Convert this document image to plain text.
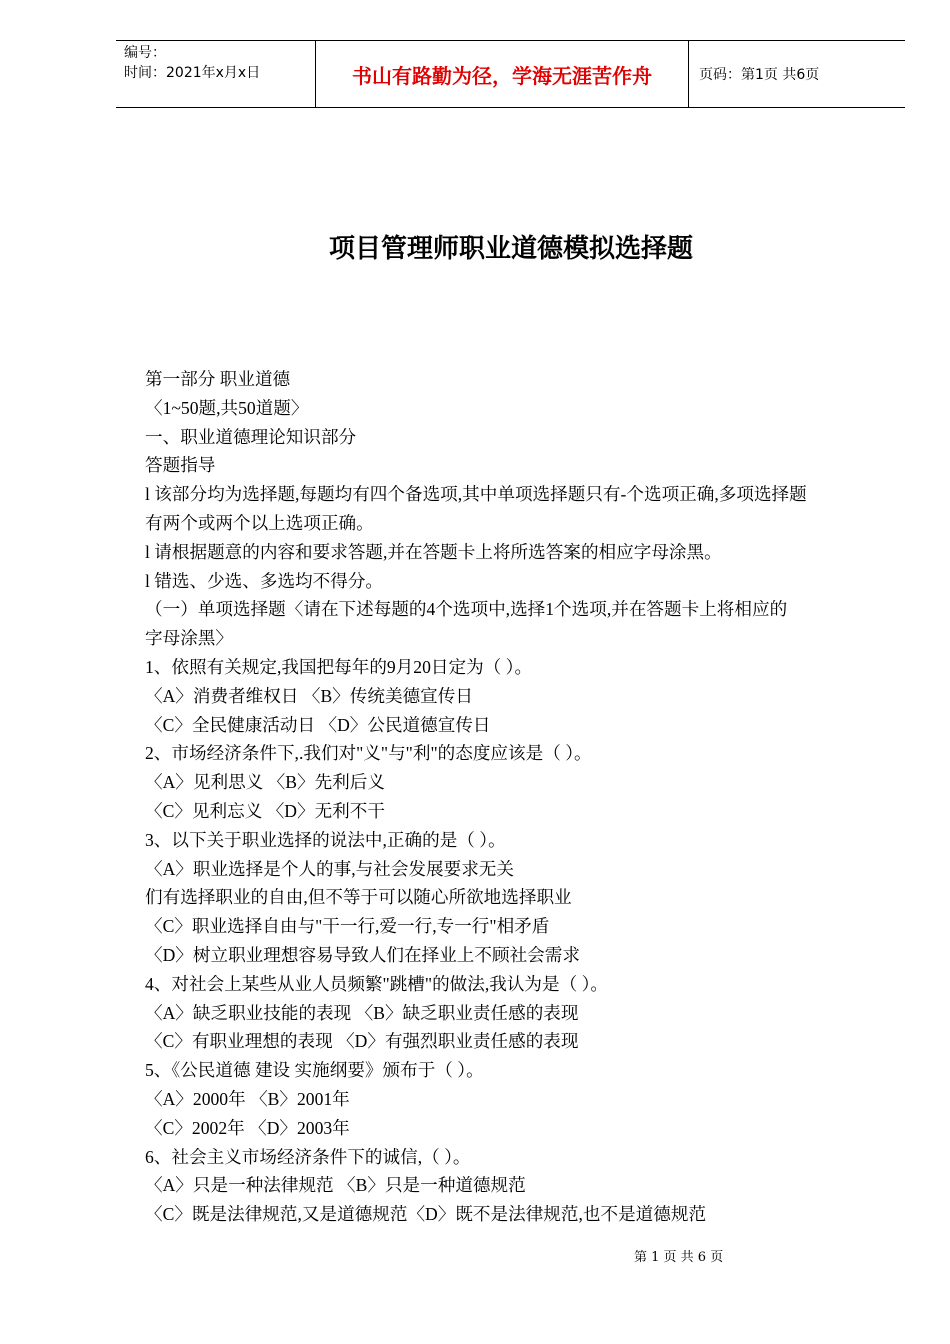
编号：
时间：2021年x月x日	书山有路勤为径，学海无涯苦作舟	页码：第1页 共6页
项目管理师职业道德模拟选择题

第一部分 职业道德

〈1~50题,共50道题〉

一、职业道德理论知识部分

答题指导

l 该部分均为选择题,每题均有四个备选项,其中单项选择题只有-个选项正确,多项选择题

有两个或两个以上选项正确。

l 请根据题意的内容和要求答题,并在答题卡上将所选答案的相应字母涂黑。

l 错选、少选、多选均不得分。

（一）单项选择题〈请在下述每题的4个选项中,选择1个选项,并在答题卡上将相应的

字母涂黑〉

1、依照有关规定,我国把每年的9月20日定为（ ）。

〈A〉消费者维权日 〈B〉传统美德宣传日

〈C〉全民健康活动日 〈D〉公民道德宣传日

2、市场经济条件下,.我们对"义"与"利"的态度应该是（ ）。

〈A〉见利思义 〈B〉先利后义

〈C〉见利忘义 〈D〉无利不干

3、以下关于职业选择的说法中,正确的是（ ）。

〈A〉职业选择是个人的事,与社会发展要求无关

们有选择职业的自由,但不等于可以随心所欲地选择职业

〈C〉职业选择自由与"干一行,爱一行,专一行"相矛盾

〈D〉树立职业理想容易导致人们在择业上不顾社会需求

4、对社会上某些从业人员频繁"跳槽"的做法,我认为是（ ）。

〈A〉缺乏职业技能的表现 〈B〉缺乏职业责任感的表现

〈C〉有职业理想的表现 〈D〉有强烈职业责任感的表现

5、《公民道德 建设 实施纲要》颁布于（ ）。

〈A〉2000年 〈B〉2001年

〈C〉2002年 〈D〉2003年

6、社会主义市场经济条件下的诚信,（ ）。

〈A〉只是一种法律规范 〈B〉只是一种道德规范

〈C〉既是法律规范,又是道德规范〈D〉既不是法律规范,也不是道德规范

第 1 页 共 6 页
